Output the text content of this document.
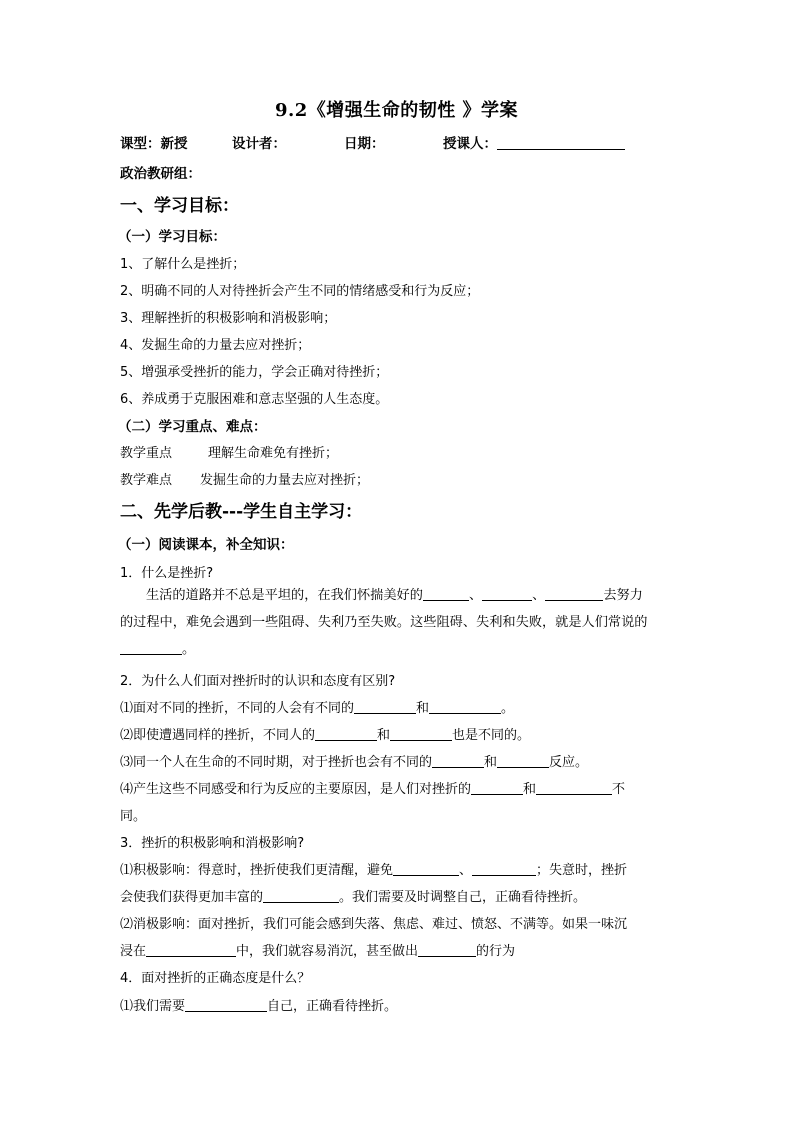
9.2《增强生命的韧性 》学案
课型：新授	设计者：	日期：	授课人：
政治教研组：
一、学习目标：
（一）学习目标：
1、了解什么是挫折；
2、明确不同的人对待挫折会产生不同的情绪感受和行为反应；
3、理解挫折的积极影响和消极影响；
4、发掘生命的力量去应对挫折；
5、增强承受挫折的能力，学会正确对待挫折；
6、养成勇于克服困难和意志坚强的人生态度。
（二）学习重点、难点：
教学重点	理解生命难免有挫折；
教学难点 发掘生命的力量去应对挫折；
二、先学后教---学生自主学习：
（一）阅读课本，补全知识：
1．什么是挫折?
生活的道路并不总是平坦的，在我们怀揣美好的	、	、	去努力
的过程中，难免会遇到一些阻碍、失利乃至失败。这些阻碍、失利和失败，就是人们常说的
。
2．为什么人们面对挫折时的认识和态度有区别?
⑴面对不同的挫折，不同的人会有不同的	和	。
⑵即使遭遇同样的挫折，不同人的	和	也是不同的。
⑶同一个人在生命的不同时期，对于挫折也会有不同的	和	反应。
⑷产生这些不同感受和行为反应的主要原因，是人们对挫折的	和	不
同。
3．挫折的积极影响和消极影响?
⑴积极影响：得意时，挫折使我们更清醒，避免	、	；失意时，挫折
会使我们获得更加丰富的	。我们需要及时调整自己，正确看待挫折。
⑵消极影响：面对挫折，我们可能会感到失落、焦虑、难过、愤怒、不满等。如果一味沉
浸在	中，我们就容易消沉，甚至做出	的行为
4．面对挫折的正确态度是什么？
⑴我们需要	自己，正确看待挫折。
